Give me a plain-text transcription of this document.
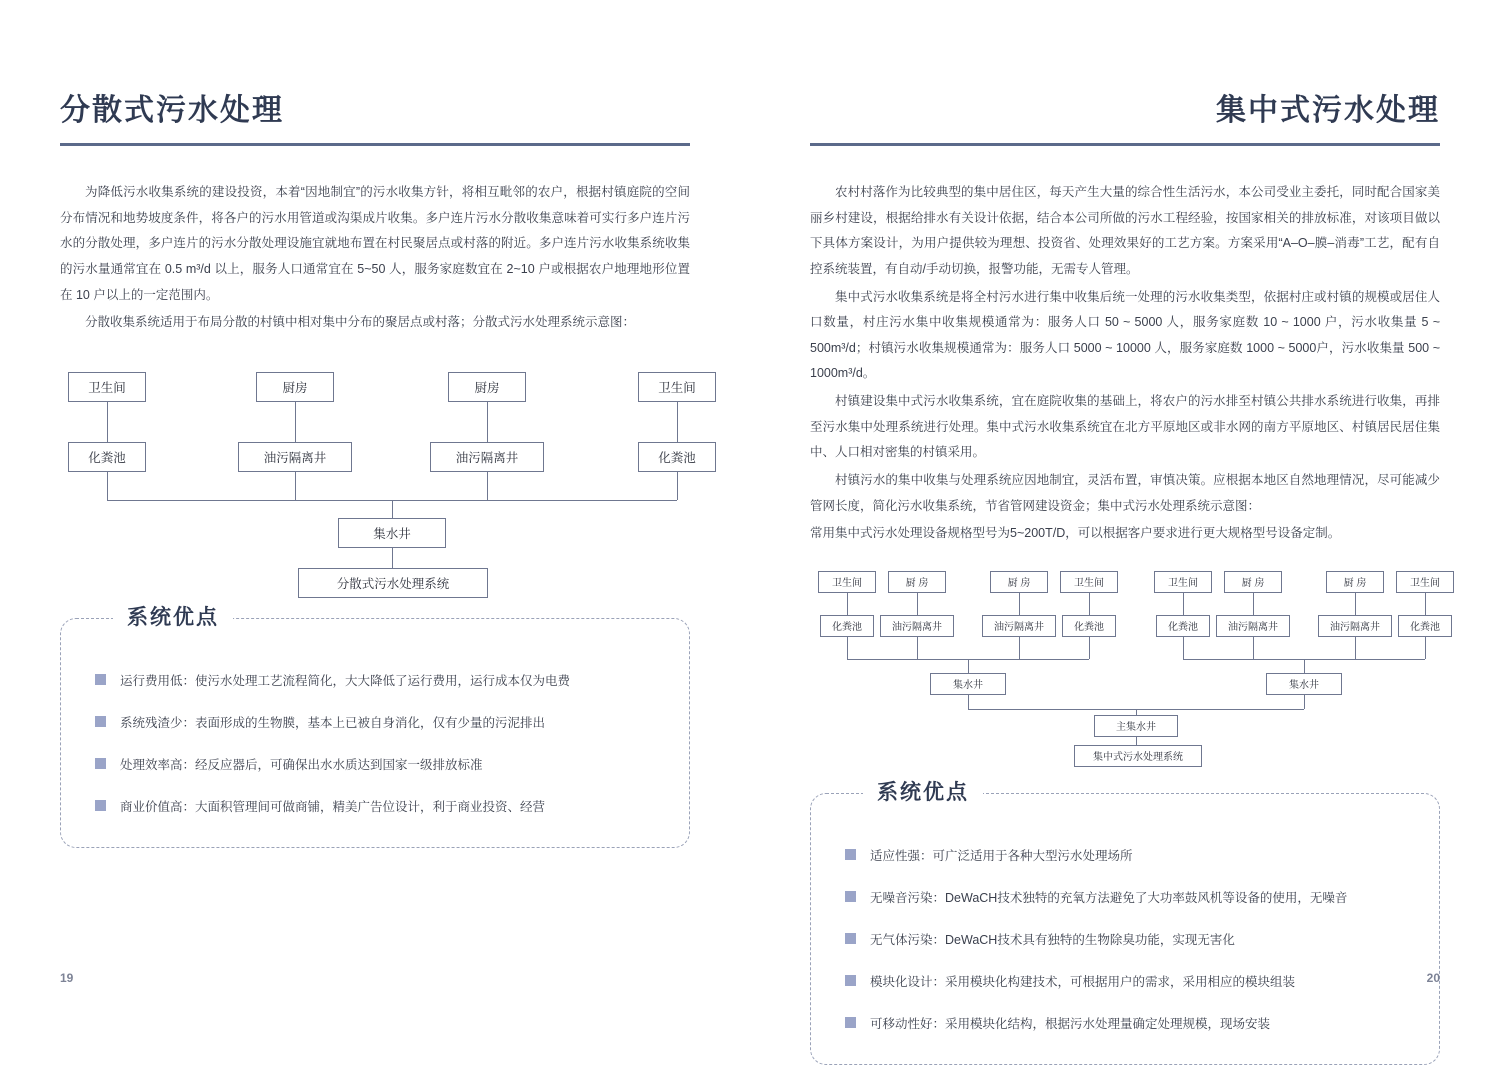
分散式污水处理

为降低污水收集系统的建设投资，本着“因地制宜”的污水收集方针，将相互毗邻的农户，根据村镇庭院的空间分布情况和地势坡度条件，将各户的污水用管道或沟渠成片收集。多户连片污水分散收集意味着可实行多户连片污水的分散处理，多户连片的污水分散处理设施宜就地布置在村民聚居点或村落的附近。多户连片污水收集系统收集的污水量通常宜在 0.5 m³/d 以上，服务人口通常宜在 5~50 人，服务家庭数宜在 2~10 户或根据农户地理地形位置在 10 户以上的一定范围内。

分散收集系统适用于布局分散的村镇中相对集中分布的聚居点或村落；分散式污水处理系统示意图：

卫生间	厨房	厨房	卫生间
化粪池	油污隔离井	油污隔离井	化粪池
集水井
分散式污水处理系统
系统优点
运行费用低：使污水处理工艺流程简化，大大降低了运行费用，运行成本仅为电费
系统残渣少：表面形成的生物膜，基本上已被自身消化，仅有少量的污泥排出
处理效率高：经反应器后，可确保出水水质达到国家一级排放标准
商业价值高：大面积管理间可做商铺，精美广告位设计，利于商业投资、经营
19
集中式污水处理

农村村落作为比较典型的集中居住区，每天产生大量的综合性生活污水，本公司受业主委托，同时配合国家美丽乡村建设，根据给排水有关设计依据，结合本公司所做的污水工程经验，按国家相关的排放标准，对该项目做以下具体方案设计，为用户提供较为理想、投资省、处理效果好的工艺方案。方案采用“A–O–膜–消毒”工艺，配有自控系统装置，有自动/手动切换，报警功能，无需专人管理。

集中式污水收集系统是将全村污水进行集中收集后统一处理的污水收集类型，依据村庄或村镇的规模或居住人口数量，村庄污水集中收集规模通常为：服务人口 50 ~ 5000 人，服务家庭数 10 ~ 1000 户，污水收集量 5 ~ 500m³/d；村镇污水收集规模通常为：服务人口 5000 ~ 10000 人，服务家庭数 1000 ~ 5000户，污水收集量 500 ~ 1000m³/d。

村镇建设集中式污水收集系统，宜在庭院收集的基础上，将农户的污水排至村镇公共排水系统进行收集，再排至污水集中处理系统进行处理。集中式污水收集系统宜在北方平原地区或非水网的南方平原地区、村镇居民居住集中、人口相对密集的村镇采用。

村镇污水的集中收集与处理系统应因地制宜，灵活布置，审慎决策。应根据本地区自然地理情况，尽可能减少管网长度，简化污水收集系统，节省管网建设资金；集中式污水处理系统示意图：

常用集中式污水处理设备规格型号为5~200T/D，可以根据客户要求进行更大规格型号设备定制。

卫生间	厨 房	厨 房	卫生间	卫生间	厨 房	厨 房	卫生间
化粪池	油污隔离井	油污隔离井	化粪池	化粪池	油污隔离井	油污隔离井	化粪池
集水井	集水井
主集水井
集中式污水处理系统
系统优点
适应性强：可广泛适用于各种大型污水处理场所
无噪音污染：DeWaCH技术独特的充氧方法避免了大功率鼓风机等设备的使用，无噪音
无气体污染：DeWaCH技术具有独特的生物除臭功能，实现无害化
模块化设计：采用模块化构建技术，可根据用户的需求，采用相应的模块组装
可移动性好：采用模块化结构，根据污水处理量确定处理规模，现场安装
20
